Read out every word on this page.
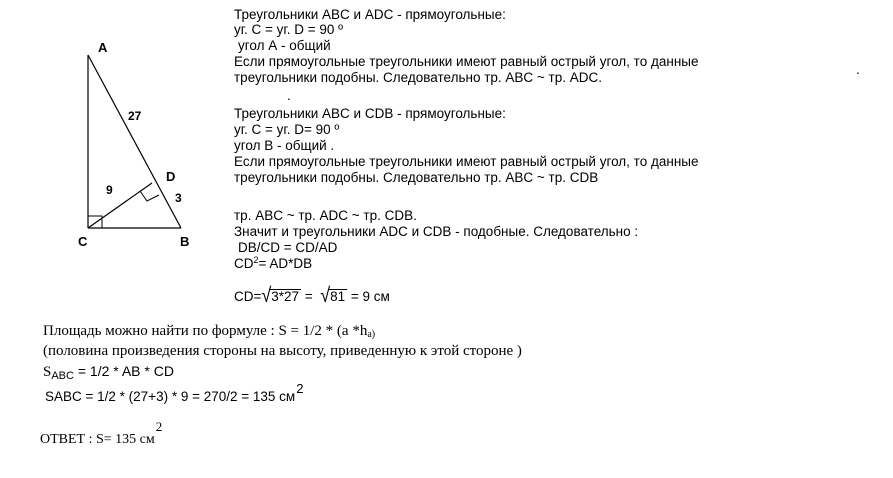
A
C	B
D
27
9
3
Треугольники ABC и ADC - прямоугольные:
уг. С = уг. D = 90 º
угол А - общий
Если прямоугольные треугольники имеют равный острый угол, то данные
треугольники подобны. Следовательно тр. ABC ~ тр. ADC.
.
Треугольники ABC и CDB - прямоугольные:
уг. С = уг. D= 90 º
угол В - общий .
Если прямоугольные треугольники имеют равный острый угол, то данные
треугольники подобны. Следовательно тр. ABC ~ тр. CDB
тр. ABC ~ тр. ADC ~ тр. CDB.
Значит и треугольники ADC и CDB - подобные. Следовательно :
DB/CD = CD/AD
$CD^2= AD*DB$
CD=√3*27 =  √81 = 9 см
Площадь можно найти по формуле : S = 1/2 * (а *ha)
(половина произведения стороны на высоту, приведенную к этой стороне )
$S_{ABC} = 1/2$ * AB * CD
SABC = 1/2 * (27+3) * 9 = 270/2 = 135 см2
ОТВЕТ : S= 135 см2
.
